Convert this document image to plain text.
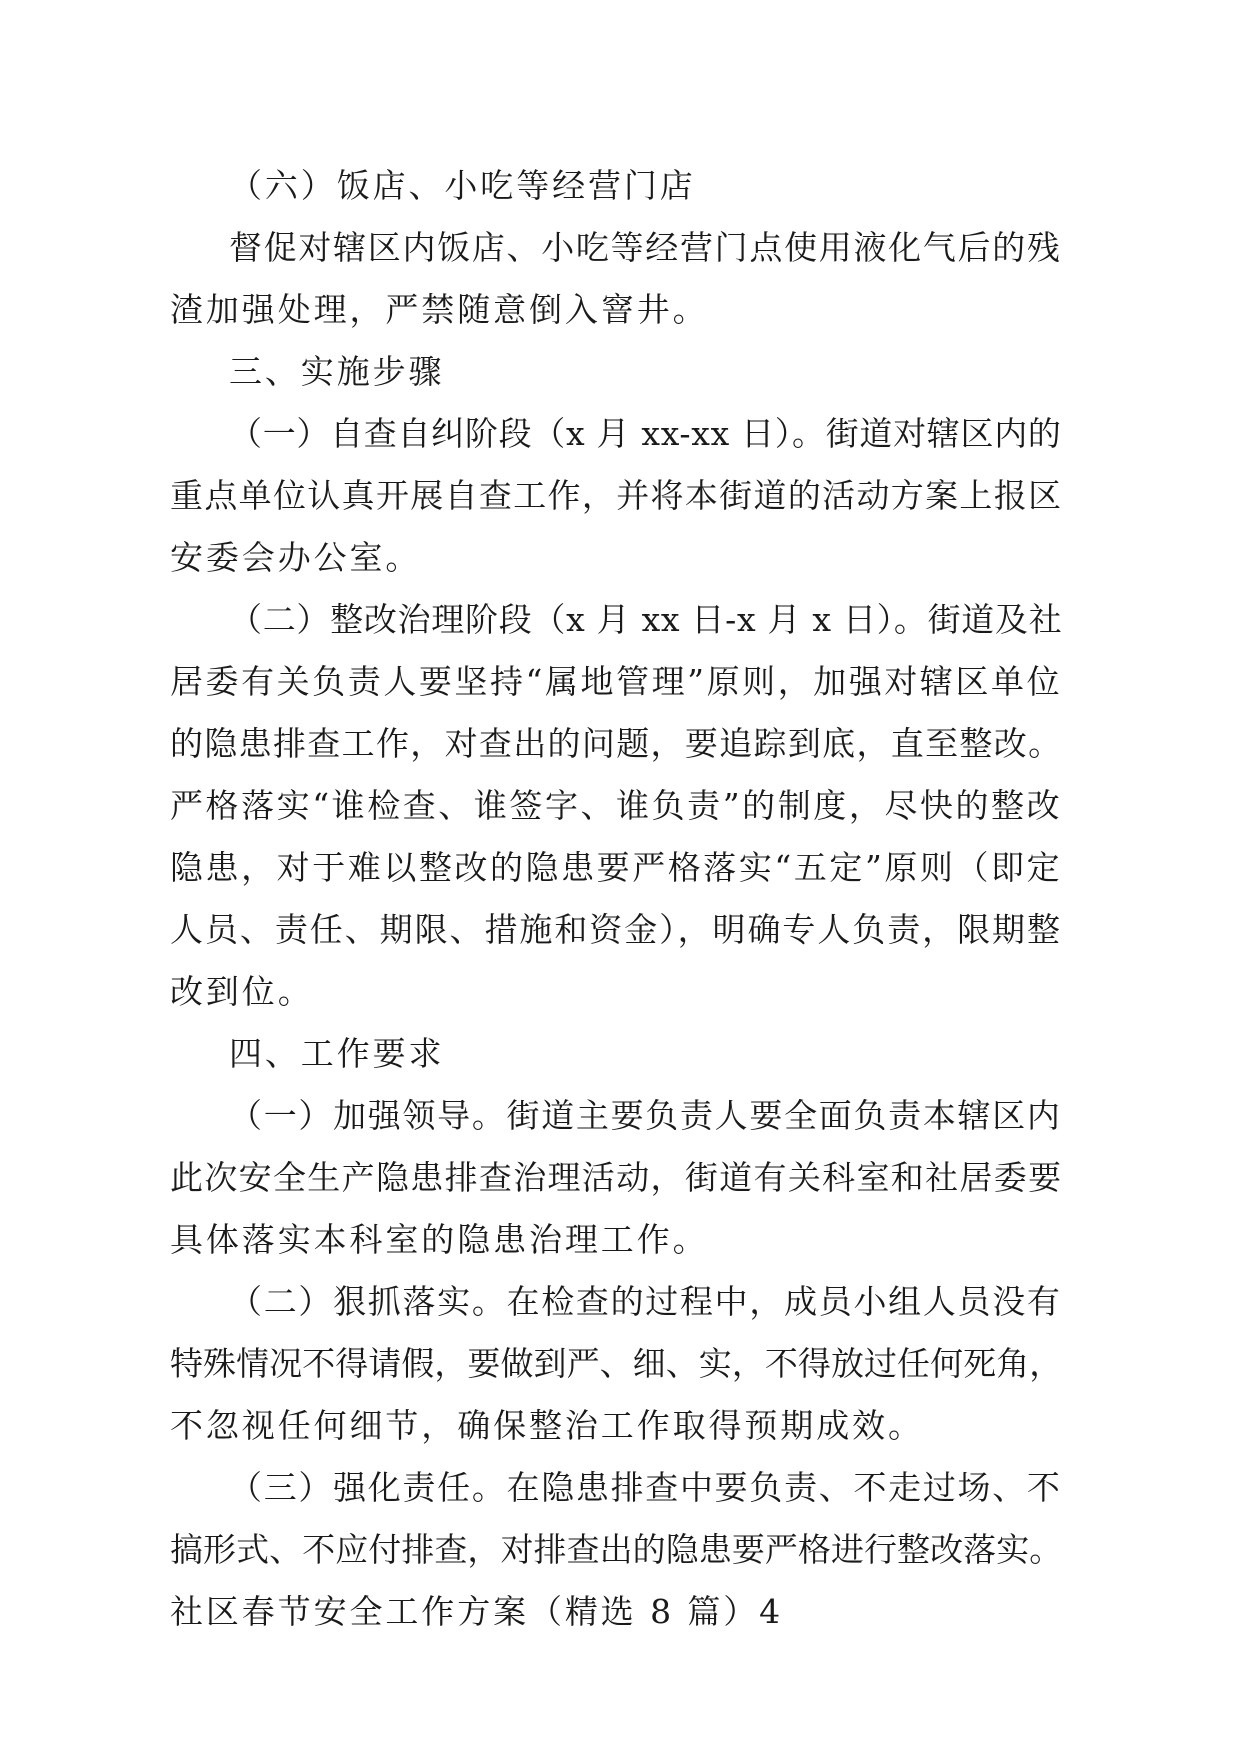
（六）饭店、小吃等经营门店
督促对辖区内饭店、小吃等经营门点使用液化气后的残
渣加强处理，严禁随意倒入窨井。
三、实施步骤
（一）自查自纠阶段（x 月 xx-xx 日）。街道对辖区内的
重点单位认真开展自查工作，并将本街道的活动方案上报区
安委会办公室。
（二）整改治理阶段（x 月 xx 日-x 月 x 日）。街道及社
居委有关负责人要坚持“属地管理”原则，加强对辖区单位
的隐患排查工作，对查出的问题，要追踪到底，直至整改。
严格落实“谁检查、谁签字、谁负责”的制度，尽快的整改
隐患，对于难以整改的隐患要严格落实“五定”原则（即定
人员、责任、期限、措施和资金），明确专人负责，限期整
改到位。
四、工作要求
（一）加强领导。街道主要负责人要全面负责本辖区内
此次安全生产隐患排查治理活动，街道有关科室和社居委要
具体落实本科室的隐患治理工作。
（二）狠抓落实。在检查的过程中，成员小组人员没有
特殊情况不得请假，要做到严、细、实，不得放过任何死角，
不忽视任何细节，确保整治工作取得预期成效。
（三）强化责任。在隐患排查中要负责、不走过场、不
搞形式、不应付排查，对排查出的隐患要严格进行整改落实。
社区春节安全工作方案（精选 8 篇）4
